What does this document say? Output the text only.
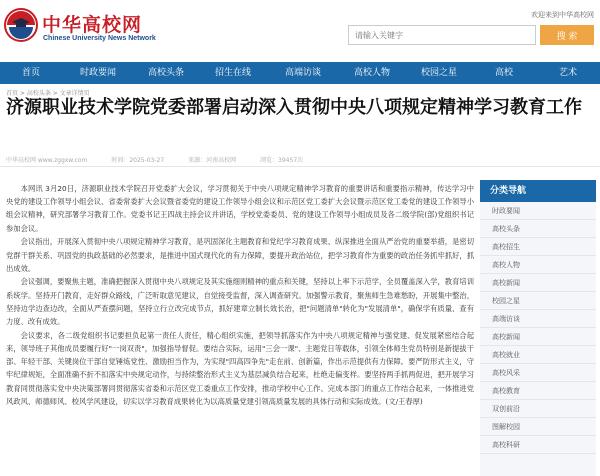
中华高校网
Chinese University News Network
欢迎来到中华高校网
请输入关键字
搜 索
首页	时政要闻	高校头条	招生在线	高端访谈	高校人物	校园之星	高校	艺术
首页 > 高校头条 > 文章详情页
济源职业技术学院党委部署启动深入贯彻中央八项规定精神学习教育工作
中华高校网 www.zggxw.com	时间：2025-03-27	来源：河南高校网	浏览：39457次

本网讯 3月20日，济源职业技术学院召开党委扩大会议，学习贯彻关于中央八项规定精神学习教育的重要讲话和重要指示精神，传达学习中央党的建设工作领导小组会议、省委常委扩大会议暨省委党的建设工作领导小组会议和示范区党工委扩大会议暨示范区党工委党的建设工作领导小组会议精神，研究部署学习教育工作。党委书记王四战主持会议并讲话，学校党委委员、党的建设工作领导小组成员及各二级学院(部)党组织书记参加会议。

会议指出，开展深入贯彻中央八项规定精神学习教育，是巩固深化主题教育和党纪学习教育成果、纵深推进全面从严治党的重要举措，是密切党群干群关系、巩固党的执政基础的必然要求，是推进中国式现代化的有力保障，要提升政治站位，把学习教育作为重要的政治任务抓牢抓好，抓出成效。

会议强调，要聚焦主题，准确把握深入贯彻中央八项规定及其实施细则精神的重点和关键，坚持以上率下示范学，全员覆盖深入学，教育培训系统学。坚持开门教育，走好群众路线，广泛听取意见建议，自觉接受监督，深入调查研究。加强警示教育，聚焦师生急难愁盼，开展集中整治，坚持边学边查边改，全面从严查摆问题，坚持立行立改完成节点，抓好建章立制长效长治，把"问题清单"转化为"发展清单"，确保学有质量、查有力度、改有成效。

会议要求，各二级党组织书记要担负起第一责任人责任，精心组织实施，把领导抓落实作为中央八项规定精神与强党建、促发展紧密结合起来，领导班子其他成员要履行好"一岗双责"，加强指导督促。要结合实际，运用"三会一课"、主题党日等载体，引领全体师生党员特别是新提拔干部、年轻干部、关键岗位干部自觉锤炼党性、激励担当作为，为实现"四高四争先"走在前、创新篇，作出示范提供有力保障。要严防形式主义，守牢纪律规矩，全面准确不折不扣落实中央规定动作，与持续整治形式主义为基层减负结合起来，杜绝走偏变样。要坚持两手抓两促进，把开展学习教育同贯彻落实党中央决策部署同贯彻落实省委和示范区党工委重点工作安排，推动学校中心工作、完成本部门的重点工作结合起来，一体推进党风政风、师德师风、校风学风建设，切实以学习教育成果转化为以高质量党建引领高质量发展的具体行动和实际成效。(文/王春厚)

分类导航
时政要闻
高校头条
高校招生
高校人物
高校新闻
校园之星
高端访谈
高校新闻
高校就业
高校风采
高校教育
双创前沿
图解校园
高校科研
